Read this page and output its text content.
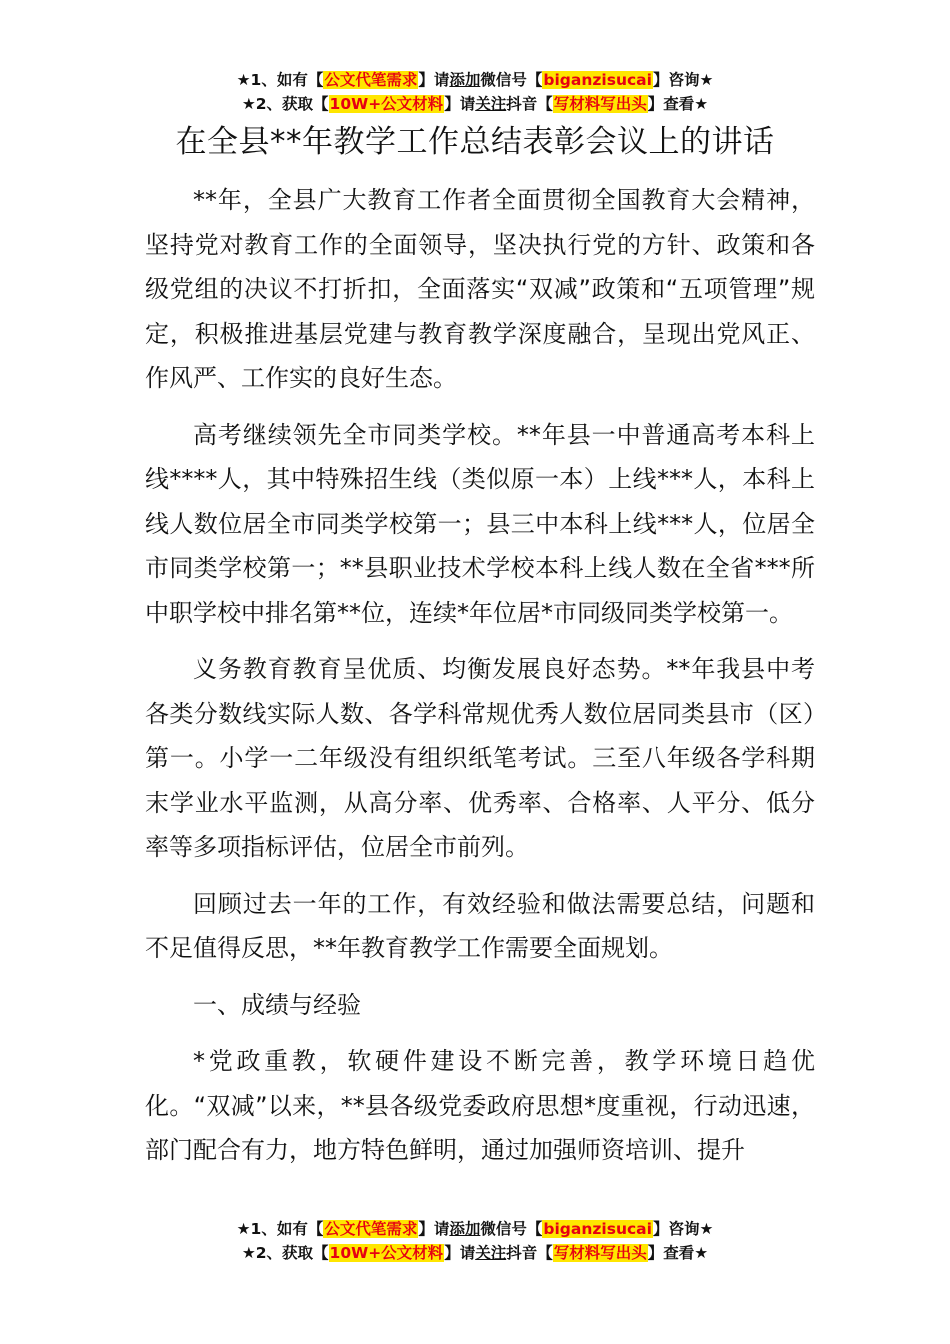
★1、如有【公文代笔需求】请添加微信号【biganzisucai】咨询★
★2、获取【10W+公文材料】请关注抖音【写材料写出头】查看★
在全县**年教学工作总结表彰会议上的讲话

**年，全县广大教育工作者全面贯彻全国教育大会精神，坚持党对教育工作的全面领导，坚决执行党的方针、政策和各级党组的决议不打折扣，全面落实“双减”政策和“五项管理”规定，积极推进基层党建与教育教学深度融合，呈现出党风正、作风严、工作实的良好生态。

高考继续领先全市同类学校。**年县一中普通高考本科上线****人，其中特殊招生线（类似原一本）上线***人，本科上线人数位居全市同类学校第一；县三中本科上线***人，位居全市同类学校第一；**县职业技术学校本科上线人数在全省***所中职学校中排名第**位，连续*年位居*市同级同类学校第一。

义务教育教育呈优质、均衡发展良好态势。**年我县中考各类分数线实际人数、各学科常规优秀人数位居同类县市（区）第一。小学一二年级没有组织纸笔考试。三至八年级各学科期末学业水平监测，从高分率、优秀率、合格率、人平分、低分率等多项指标评估，位居全市前列。

回顾过去一年的工作，有效经验和做法需要总结，问题和不足值得反思，**年教育教学工作需要全面规划。

一、成绩与经验

*党政重教，软硬件建设不断完善，教学环境日趋优化。“双减”以来，**县各级党委政府思想*度重视，行动迅速，部门配合有力，地方特色鲜明，通过加强师资培训、提升

★1、如有【公文代笔需求】请添加微信号【biganzisucai】咨询★
★2、获取【10W+公文材料】请关注抖音【写材料写出头】查看★
